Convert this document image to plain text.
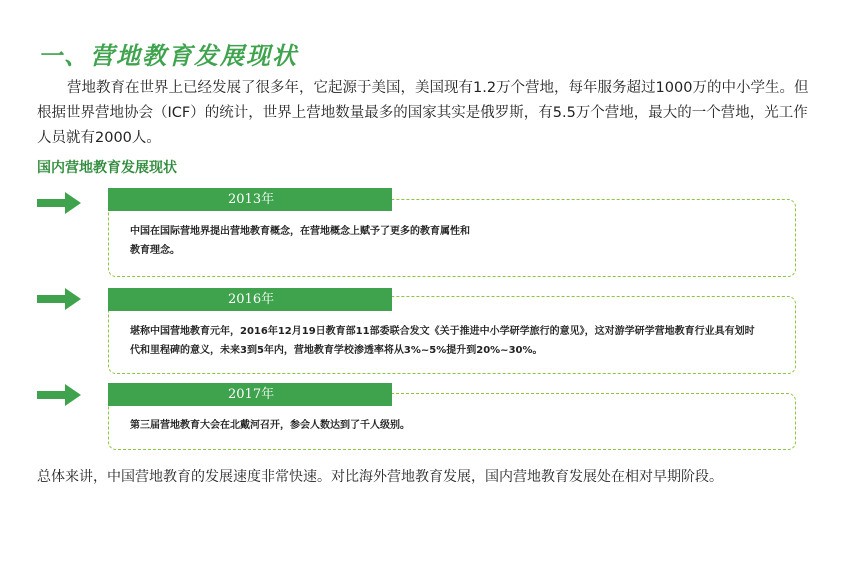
一、营地教育发展现状
营地教育在世界上已经发展了很多年，它起源于美国，美国现有1.2万个营地，每年服务超过1000万的中小学生。但根据世界营地协会（ICF）的统计，世界上营地数量最多的国家其实是俄罗斯，有5.5万个营地，最大的一个营地，光工作人员就有2000人。
国内营地教育发展现状
2013年
中国在国际营地界提出营地教育概念，在营地概念上赋予了更多的教育属性和
教育理念。
2016年
堪称中国营地教育元年，2016年12月19日教育部11部委联合发文《关于推进中小学研学旅行的意见》，这对游学研学营地教育行业具有划时
代和里程碑的意义，未来3到5年内，营地教育学校渗透率将从3%~5%提升到20%~30%。
2017年
第三届营地教育大会在北戴河召开，参会人数达到了千人级别。
总体来讲，中国营地教育的发展速度非常快速。对比海外营地教育发展，国内营地教育发展处在相对早期阶段。
